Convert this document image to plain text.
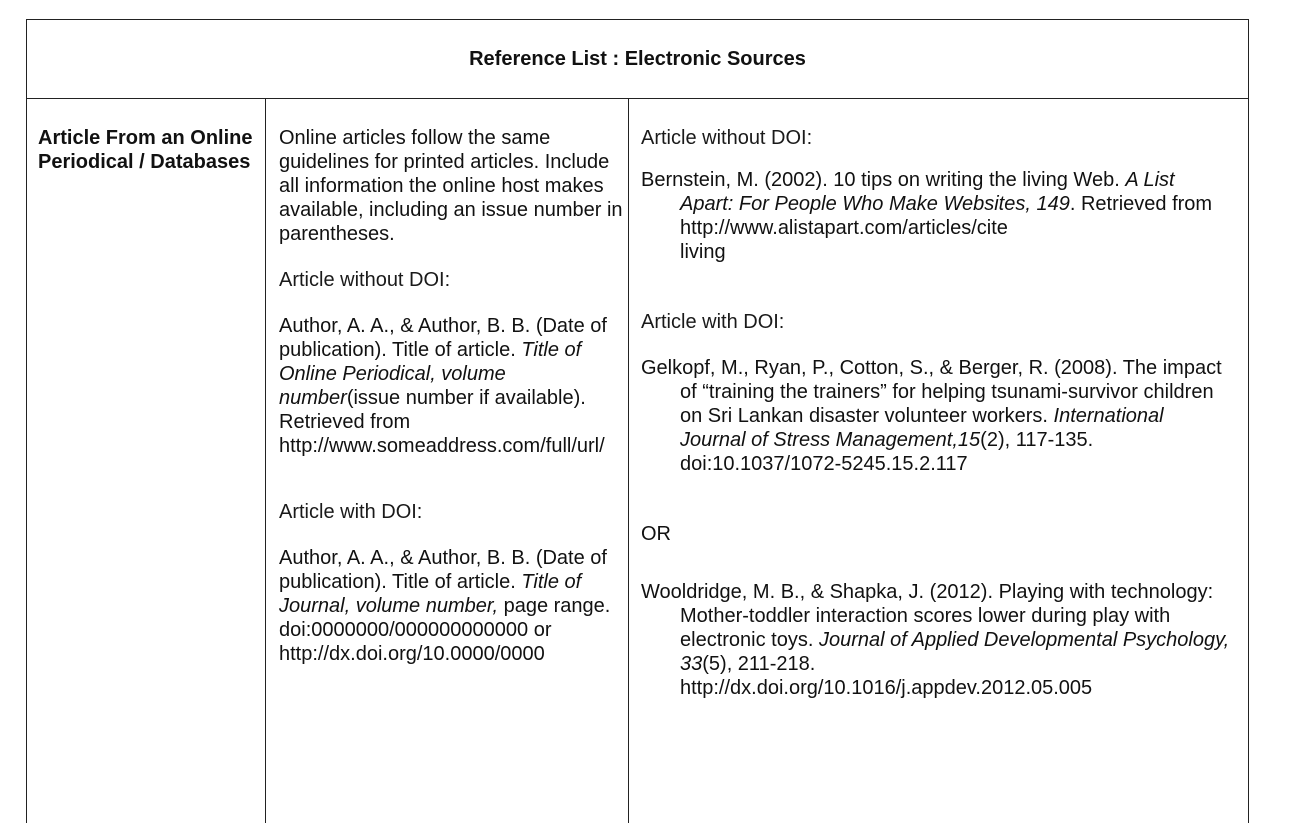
Reference List : Electronic Sources

Article From an Online Periodical / Databases

Online articles follow the same guidelines for printed articles. Include all information the online host makes available, including an issue number in parentheses.

Article without DOI:

Author, A. A., & Author, B. B. (Date of publication). Title of article. Title of Online Periodical, volume number(issue number if available). Retrieved from
http://www.someaddress.com/full/url/

Article with DOI:

Author, A. A., & Author, B. B. (Date of publication). Title of article. Title of Journal, volume number, page range. doi:0000000/000000000000 or http://dx.doi.org/10.0000/0000

Article without DOI:

Bernstein, M. (2002). 10 tips on writing the living Web. A List Apart: For People Who Make Websites, 149. Retrieved from http://www.alistapart.com/articles/cite
living

Article with DOI:

Gelkopf, M., Ryan, P., Cotton, S., & Berger, R. (2008). The impact of “training the trainers” for helping tsunami-survivor children on Sri Lankan disaster volunteer workers. International Journal of Stress Management,15(2), 117-135. doi:10.1037/1072-5245.15.2.117

OR

Wooldridge, M. B., & Shapka, J. (2012). Playing with technology: Mother-toddler interaction scores lower during play with electronic toys. Journal of Applied Developmental Psychology, 33(5), 211-218. http://dx.doi.org/10.1016/j.appdev.2012.05.005
